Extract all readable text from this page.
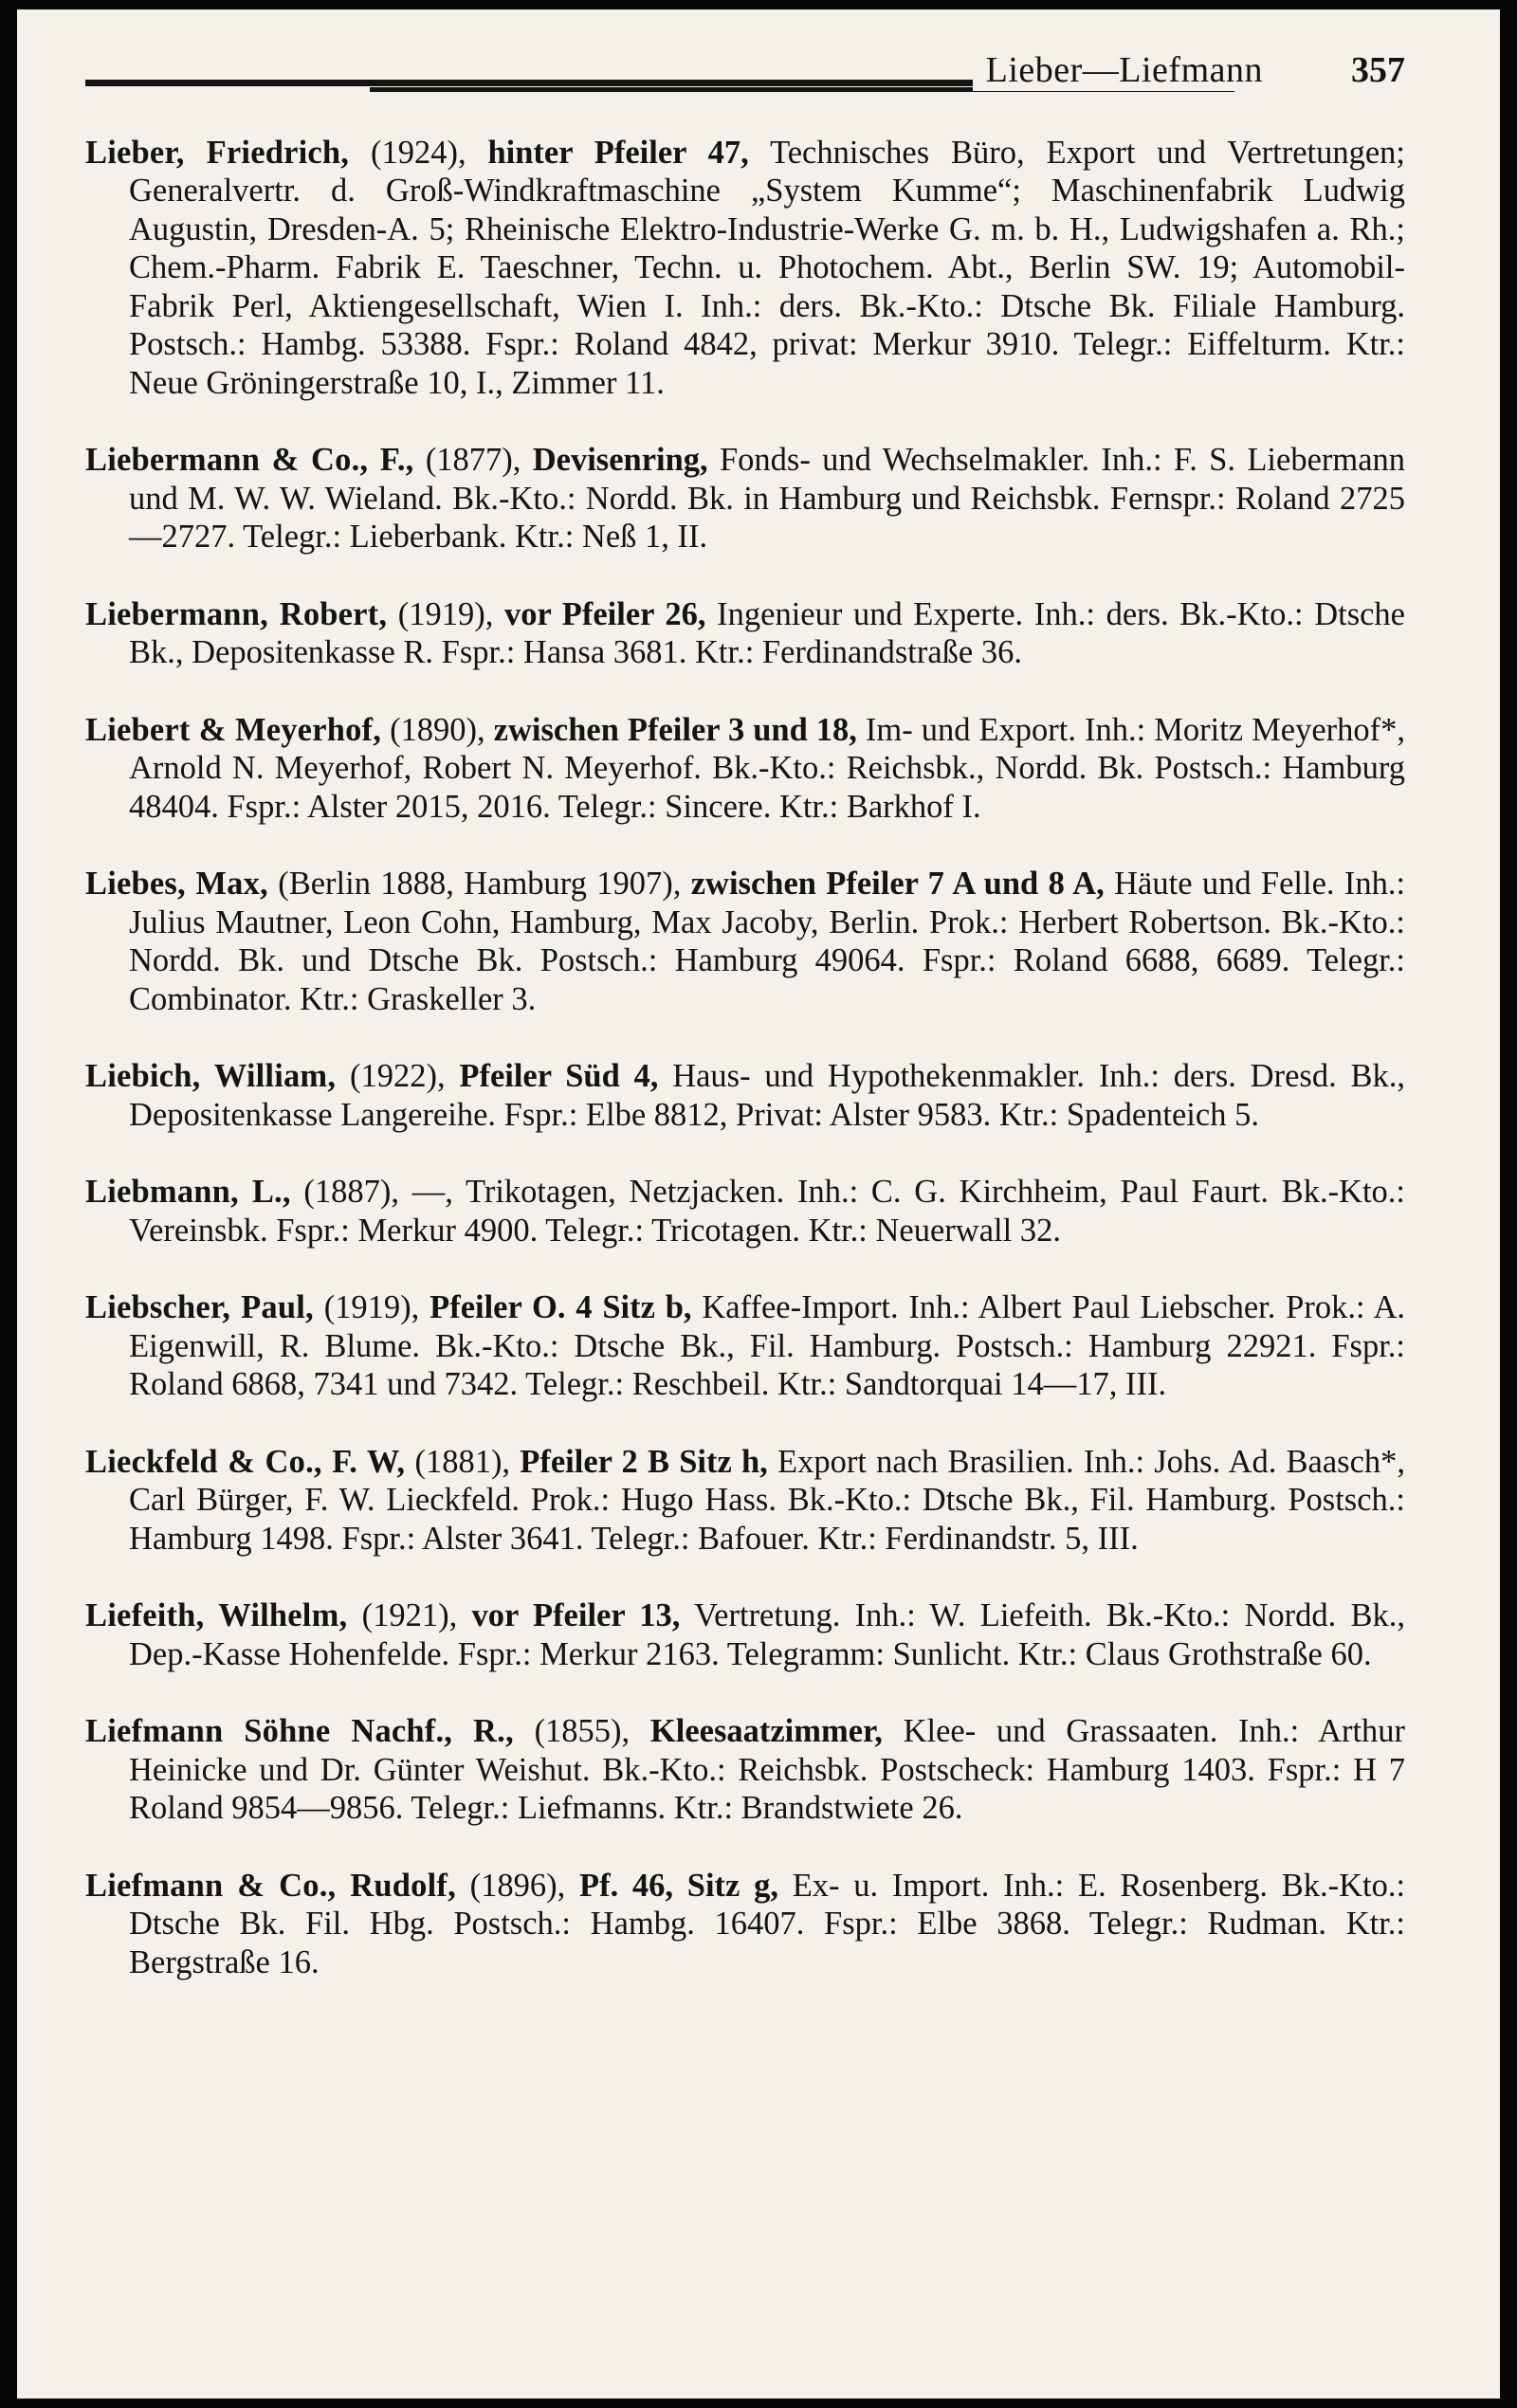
Lieber—Liefmann 357

Lieber, Friedrich, (1924), hinter Pfeiler 47, Technisches Büro, Export und Vertretungen; Generalvertr. d. Groß-Windkraftmaschine „System Kumme“; Maschinenfabrik Ludwig Augustin, Dresden-A. 5; Rheinische Elektro-Industrie-Werke G. m. b. H., Ludwigshafen a. Rh.; Chem.-Pharm. Fabrik E. Taeschner, Techn. u. Photochem. Abt., Berlin SW. 19; Automobil-Fabrik Perl, Aktiengesellschaft, Wien I. Inh.: ders. Bk.-Kto.: Dtsche Bk. Filiale Hamburg. Postsch.: Hambg. 53388. Fspr.: Roland 4842, privat: Merkur 3910. Telegr.: Eiffelturm. Ktr.: Neue Gröningerstraße 10, I., Zimmer 11.

Liebermann & Co., F., (1877), Devisenring, Fonds- und Wechselmakler. Inh.: F. S. Liebermann und M. W. W. Wieland. Bk.-Kto.: Nordd. Bk. in Hamburg und Reichsbk. Fernspr.: Roland 2725—2727. Telegr.: Lieberbank. Ktr.: Neß 1, II.

Liebermann, Robert, (1919), vor Pfeiler 26, Ingenieur und Experte. Inh.: ders. Bk.-Kto.: Dtsche Bk., Depositenkasse R. Fspr.: Hansa 3681. Ktr.: Ferdinandstraße 36.

Liebert & Meyerhof, (1890), zwischen Pfeiler 3 und 18, Im- und Export. Inh.: Moritz Meyerhof*, Arnold N. Meyerhof, Robert N. Meyerhof. Bk.-Kto.: Reichsbk., Nordd. Bk. Postsch.: Hamburg 48404. Fspr.: Alster 2015, 2016. Telegr.: Sincere. Ktr.: Barkhof I.

Liebes, Max, (Berlin 1888, Hamburg 1907), zwischen Pfeiler 7 A und 8 A, Häute und Felle. Inh.: Julius Mautner, Leon Cohn, Hamburg, Max Jacoby, Berlin. Prok.: Herbert Robertson. Bk.-Kto.: Nordd. Bk. und Dtsche Bk. Postsch.: Hamburg 49064. Fspr.: Roland 6688, 6689. Telegr.: Combinator. Ktr.: Graskeller 3.

Liebich, William, (1922), Pfeiler Süd 4, Haus- und Hypothekenmakler. Inh.: ders. Dresd. Bk., Depositenkasse Langereihe. Fspr.: Elbe 8812, Privat: Alster 9583. Ktr.: Spadenteich 5.

Liebmann, L., (1887), —, Trikotagen, Netzjacken. Inh.: C. G. Kirchheim, Paul Faurt. Bk.-Kto.: Vereinsbk. Fspr.: Merkur 4900. Telegr.: Tricotagen. Ktr.: Neuerwall 32.

Liebscher, Paul, (1919), Pfeiler O. 4 Sitz b, Kaffee-Import. Inh.: Albert Paul Liebscher. Prok.: A. Eigenwill, R. Blume. Bk.-Kto.: Dtsche Bk., Fil. Hamburg. Postsch.: Hamburg 22921. Fspr.: Roland 6868, 7341 und 7342. Telegr.: Reschbeil. Ktr.: Sandtorquai 14—17, III.

Lieckfeld & Co., F. W, (1881), Pfeiler 2 B Sitz h, Export nach Brasilien. Inh.: Johs. Ad. Baasch*, Carl Bürger, F. W. Lieckfeld. Prok.: Hugo Hass. Bk.-Kto.: Dtsche Bk., Fil. Hamburg. Postsch.: Hamburg 1498. Fspr.: Alster 3641. Telegr.: Bafouer. Ktr.: Ferdinandstr. 5, III.

Liefeith, Wilhelm, (1921), vor Pfeiler 13, Vertretung. Inh.: W. Liefeith. Bk.-Kto.: Nordd. Bk., Dep.-Kasse Hohenfelde. Fspr.: Merkur 2163. Telegramm: Sunlicht. Ktr.: Claus Grothstraße 60.

Liefmann Söhne Nachf., R., (1855), Kleesaatzimmer, Klee- und Grassaaten. Inh.: Arthur Heinicke und Dr. Günter Weishut. Bk.-Kto.: Reichsbk. Postscheck: Hamburg 1403. Fspr.: H 7 Roland 9854—9856. Telegr.: Liefmanns. Ktr.: Brandstwiete 26.

Liefmann & Co., Rudolf, (1896), Pf. 46, Sitz g, Ex- u. Import. Inh.: E. Rosenberg. Bk.-Kto.: Dtsche Bk. Fil. Hbg. Postsch.: Hambg. 16407. Fspr.: Elbe 3868. Telegr.: Rudman. Ktr.: Bergstraße 16.
